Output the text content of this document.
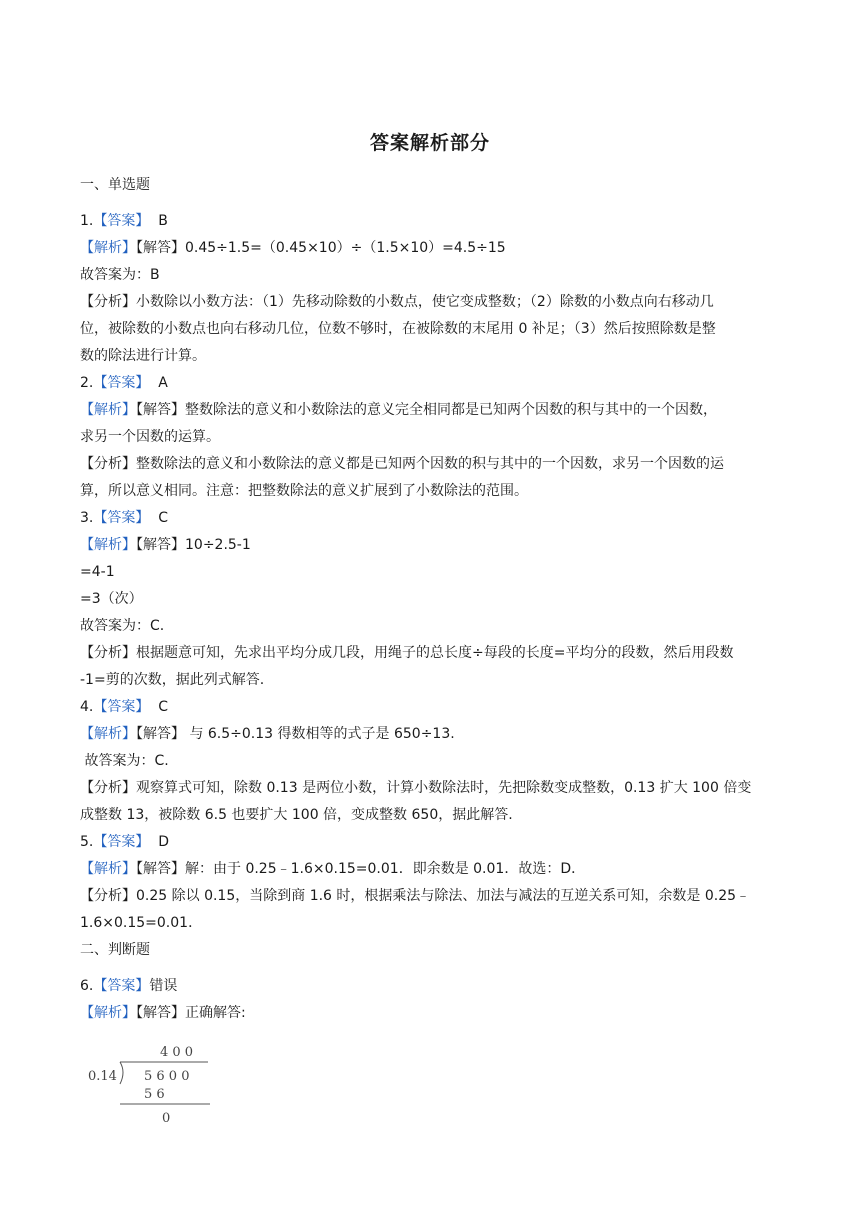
答案解析部分
一、单选题
1.【答案】 B
【解析】【解答】0.45÷1.5=（0.45×10）÷（1.5×10）=4.5÷15
故答案为：B
【分析】小数除以小数方法：（1）先移动除数的小数点，使它变成整数；（2）除数的小数点向右移动几
位，被除数的小数点也向右移动几位，位数不够时，在被除数的末尾用 0 补足；（3）然后按照除数是整
数的除法进行计算。
2.【答案】 A
【解析】【解答】整数除法的意义和小数除法的意义完全相同都是已知两个因数的积与其中的一个因数，
求另一个因数的运算。
【分析】整数除法的意义和小数除法的意义都是已知两个因数的积与其中的一个因数，求另一个因数的运
算，所以意义相同。注意：把整数除法的意义扩展到了小数除法的范围。
3.【答案】 C
【解析】【解答】10÷2.5-1
=4-1
=3（次）
故答案为：C.
【分析】根据题意可知，先求出平均分成几段，用绳子的总长度÷每段的长度=平均分的段数，然后用段数
-1=剪的次数，据此列式解答.
4.【答案】 C
【解析】【解答】 与 6.5÷0.13 得数相等的式子是 650÷13.
故答案为：C.
【分析】观察算式可知，除数 0.13 是两位小数，计算小数除法时，先把除数变成整数，0.13 扩大 100 倍变
成整数 13，被除数 6.5 也要扩大 100 倍，变成整数 650，据此解答.
5.【答案】 D
【解析】【解答】解：由于 0.25﹣1.6×0.15=0.01．即余数是 0.01．故选：D．
【分析】0.25 除以 0.15，当除到商 1.6 时，根据乘法与除法、加法与减法的互逆关系可知，余数是 0.25﹣
1.6×0.15=0.01．
二、判断题
6.【答案】错误
【解析】【解答】正确解答:
4 0 0
0.14 5 6 0 0
5 6
0
